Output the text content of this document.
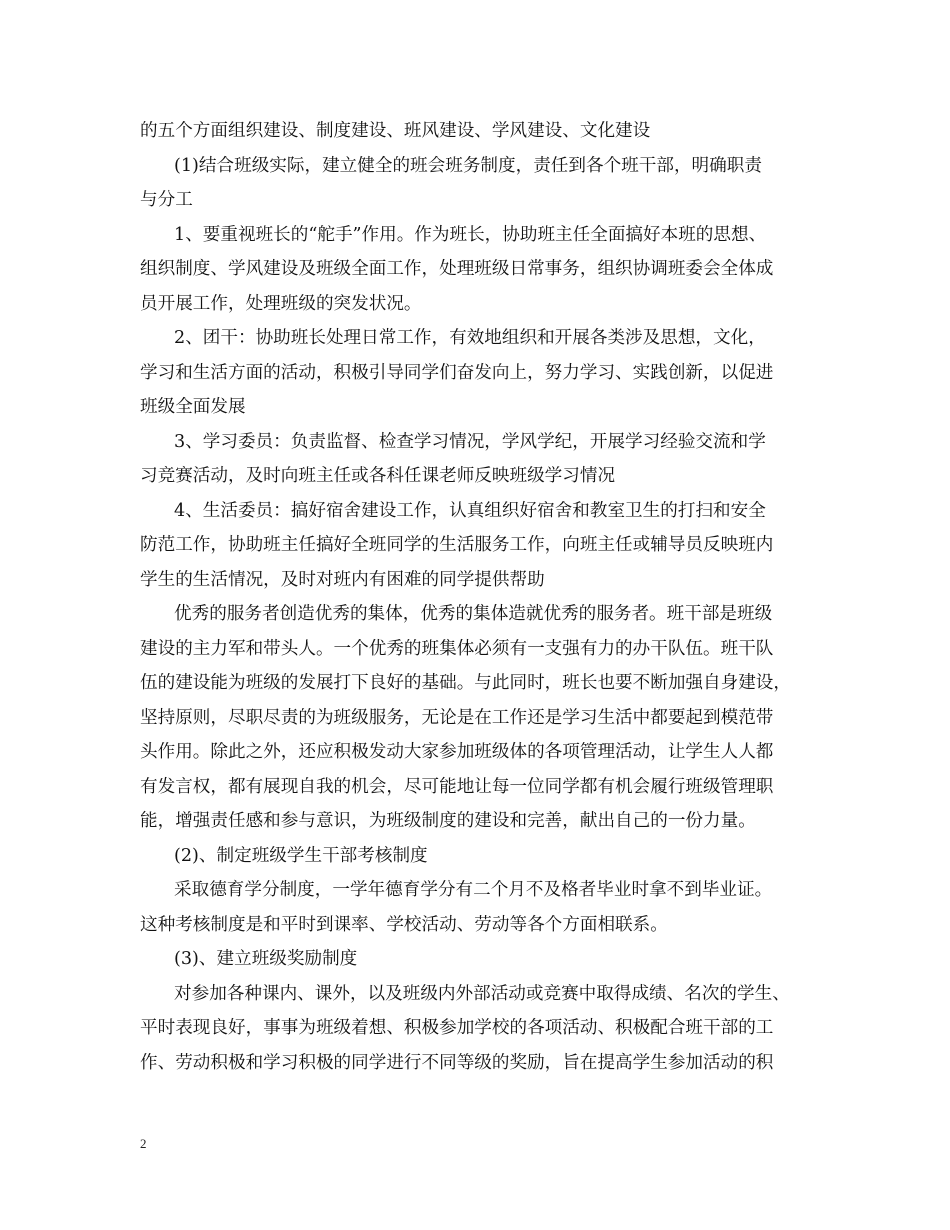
的五个方面组织建设、制度建设、班风建设、学风建设、文化建设
(1)结合班级实际，建立健全的班会班务制度，责任到各个班干部，明确职责
与分工
1、要重视班长的“舵手”作用。作为班长，协助班主任全面搞好本班的思想、
组织制度、学风建设及班级全面工作，处理班级日常事务，组织协调班委会全体成
员开展工作，处理班级的突发状况。
2、团干：协助班长处理日常工作，有效地组织和开展各类涉及思想，文化，
学习和生活方面的活动，积极引导同学们奋发向上，努力学习、实践创新，以促进
班级全面发展
3、学习委员：负责监督、检查学习情况，学风学纪，开展学习经验交流和学
习竞赛活动，及时向班主任或各科任课老师反映班级学习情况
4、生活委员：搞好宿舍建设工作，认真组织好宿舍和教室卫生的打扫和安全
防范工作，协助班主任搞好全班同学的生活服务工作，向班主任或辅导员反映班内
学生的生活情况，及时对班内有困难的同学提供帮助
优秀的服务者创造优秀的集体，优秀的集体造就优秀的服务者。班干部是班级
建设的主力军和带头人。一个优秀的班集体必须有一支强有力的办干队伍。班干队
伍的建设能为班级的发展打下良好的基础。与此同时，班长也要不断加强自身建设，
坚持原则，尽职尽责的为班级服务，无论是在工作还是学习生活中都要起到模范带
头作用。除此之外，还应积极发动大家参加班级体的各项管理活动，让学生人人都
有发言权，都有展现自我的机会，尽可能地让每一位同学都有机会履行班级管理职
能，增强责任感和参与意识，为班级制度的建设和完善，献出自己的一份力量。
(2)、制定班级学生干部考核制度
采取德育学分制度，一学年德育学分有二个月不及格者毕业时拿不到毕业证。
这种考核制度是和平时到课率、学校活动、劳动等各个方面相联系。
(3)、建立班级奖励制度
对参加各种课内、课外，以及班级内外部活动或竞赛中取得成绩、名次的学生、
平时表现良好，事事为班级着想、积极参加学校的各项活动、积极配合班干部的工
作、劳动积极和学习积极的同学进行不同等级的奖励，旨在提高学生参加活动的积
2
